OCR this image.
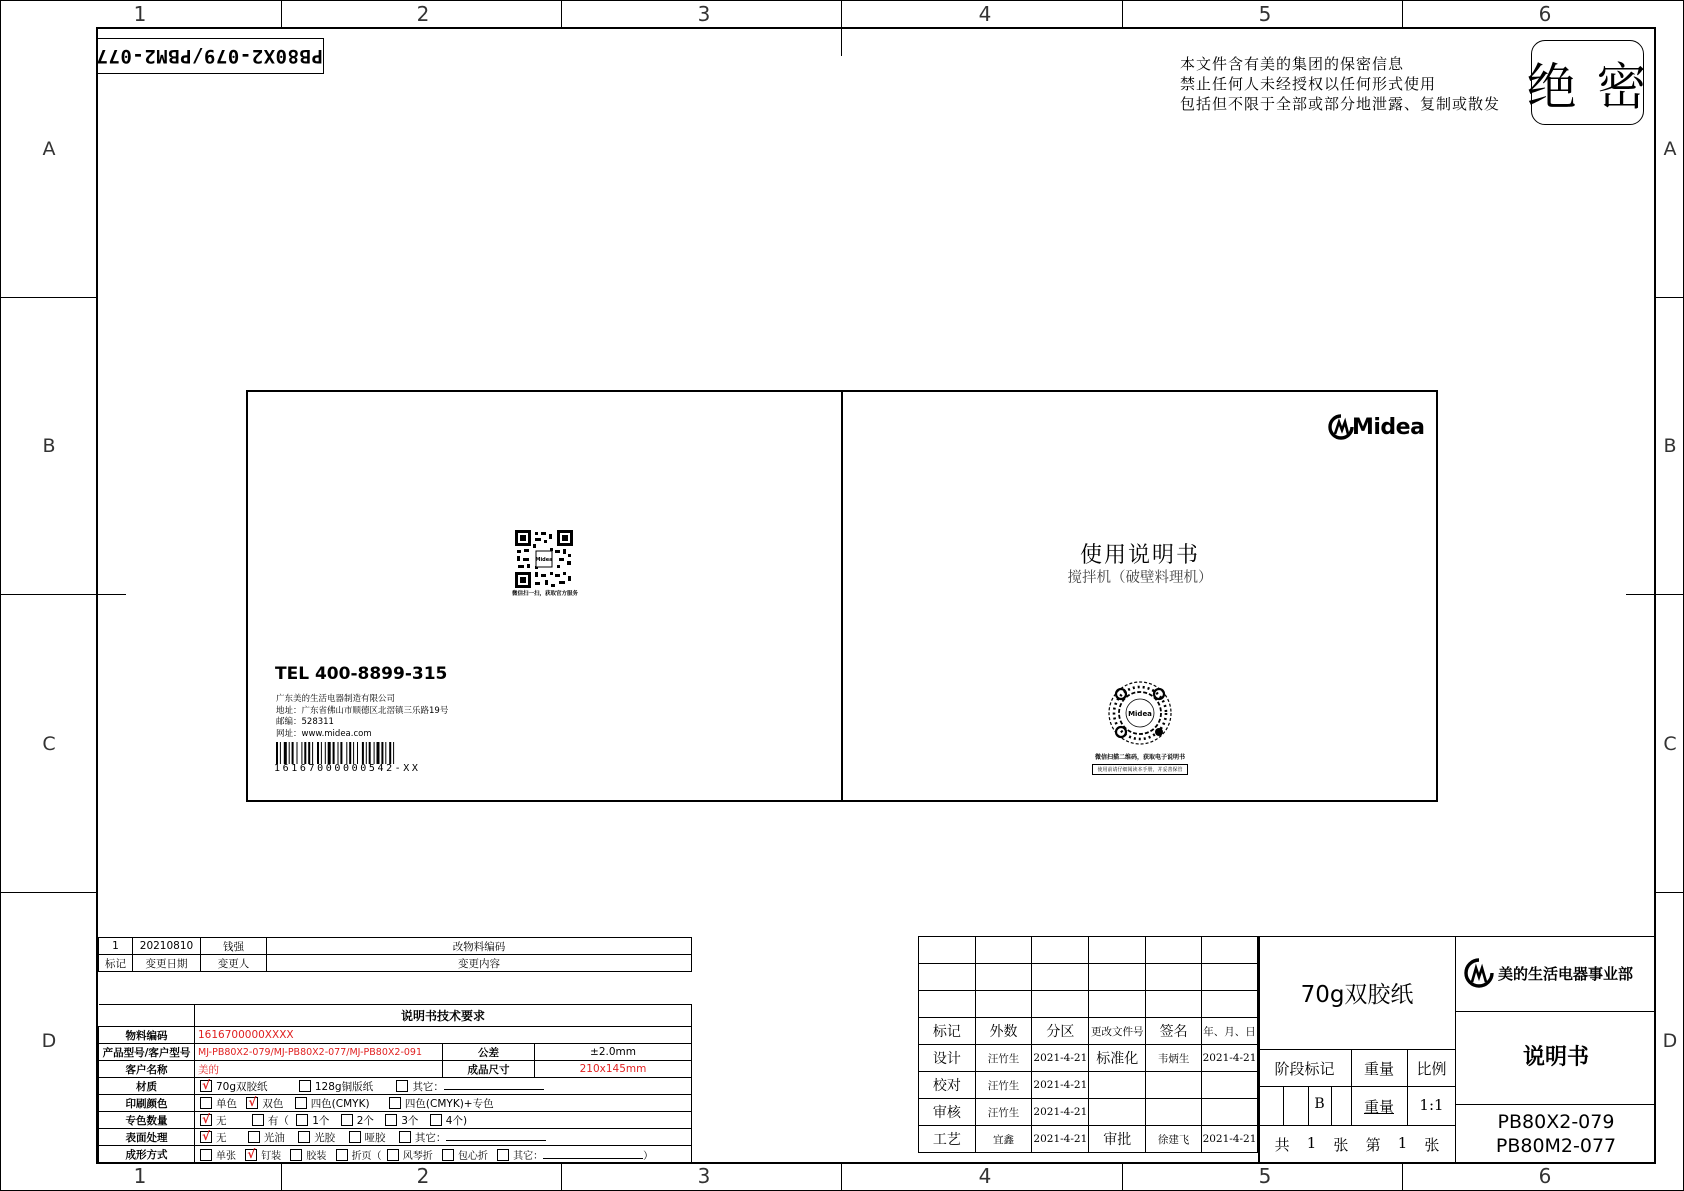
1	2	3	4	5	6
1	2	3	4	5	6
A
B
C
D
A
B
C
D
PB80X2-079/PBM2-077	本文件含有美的集团的保密信息
禁止任何人未经授权以任何形式使用
包括但不限于全部或部分地泄露、复制或散发 绝 密
Midea
微信扫一扫，获取官方服务
TEL 400-8899-315
广东美的生活电器制造有限公司
地址：广东省佛山市顺德区北滘镇三乐路19号
邮编：528311
网址：www.midea.com
16167000000542-XX
Midea
使用说明书
搅拌机（破壁料理机）
Midea
微信扫描二维码，获取电子说明书
使用前请仔细阅读本手册，并妥善保管
1	20210810	钱强	改物料编码
标记	变更日期	变更人	变更内容
	说明书技术要求		
物料编码	1616700000XXXX		
产品型号/客户型号	MJ-PB80X2-079/MJ-PB80X2-077/MJ-PB80X2-091	公差	±2.0mm
客户名称	美的	成品尺寸	210x145mm
材质	√70g双胶纸 128g铜版纸 其它：
印刷颜色	单色 √ 双色 四色(CMYK) 四色(CMYK)+专色
专色数量	√无 有（ 1个 2个 3个 4个)
表面处理	√无 光油 光胶 哑胶 其它：
成形方式	单张 √ 钉装 胶装 折页（ 风琴折 包心折 其它： ）

标记	外数	分区	更改文件号	签名	年、月、日
设计	汪竹生	2021-4-21	标准化	韦炳生	2021-4-21
校对	汪竹生	2021-4-21			
审核	汪竹生	2021-4-21			
工艺	宜鑫	2021-4-21	审批	徐建飞	2021-4-21
70g双胶纸
阶段标记	重量	比例
B	重量	1:1
共 1 张 第 1 张
美的生活电器事业部
说明书
PB80X2-079
PB80M2-077
